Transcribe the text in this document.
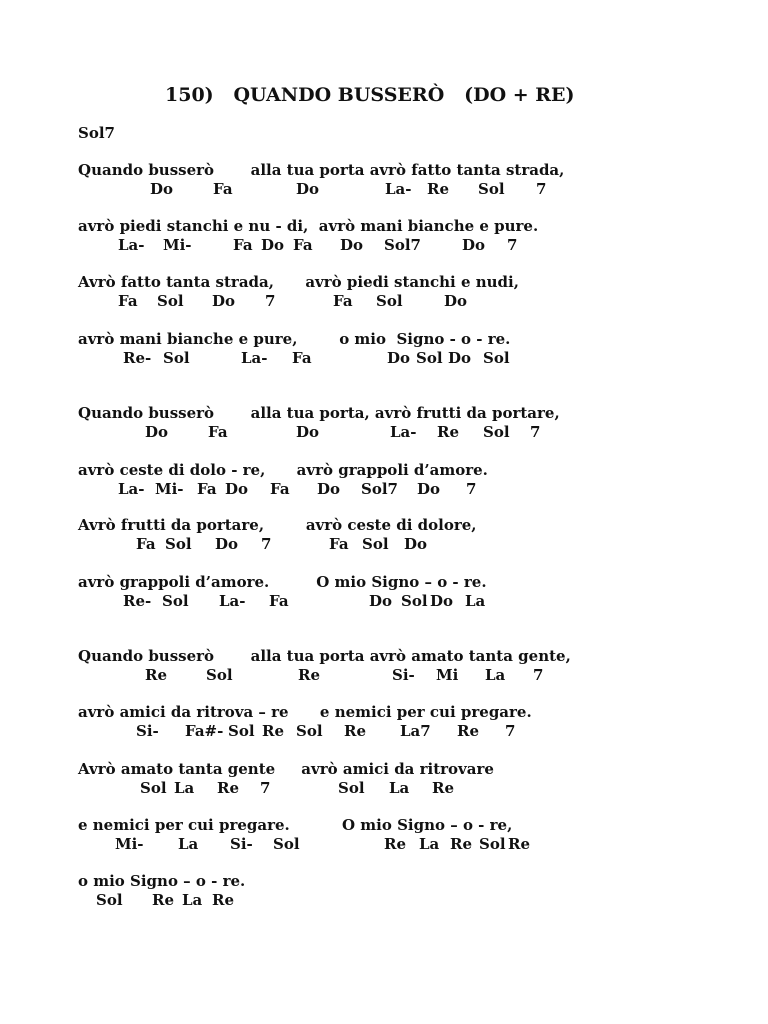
150)   QUANDO BUSSERÒ   (DO + RE)
Sol7
Quando busserò       alla tua porta avrò fatto tanta strada,
Do	Fa	Do	La- Re Sol 7
avrò piedi stanchi e nu - di,  avrò mani bianche e pure.
La- Mi-	Fa Do Fa Do Sol7	Do 7
Avrò fatto tanta strada,      avrò piedi stanchi e nudi,
Fa Sol Do 7	Fa Sol	Do
avrò mani bianche e pure,        o mio  Signo - o - re.
Re- Sol	La- Fa	Do Sol Do Sol
Quando busserò       alla tua porta, avrò frutti da portare,
Do	Fa	Do	La- Re Sol 7
avrò ceste di dolo - re,      avrò grappoli d’amore.
La- Mi- Fa Do Fa Do Sol7 Do 7
Avrò frutti da portare,        avrò ceste di dolore,
Fa Sol Do 7	Fa Sol Do
avrò grappoli d’amore.         O mio Signo – o - re.
Re- Sol La- Fa	Do Sol Do La
Quando busserò       alla tua porta avrò amato tanta gente,
Re	Sol	Re	Si- Mi La 7
avrò amici da ritrova – re      e nemici per cui pregare.
Si- Fa#- Sol Re Sol Re La7 Re 7
Avrò amato tanta gente     avrò amici da ritrovare
Sol La Re 7	Sol La Re
e nemici per cui pregare.          O mio Signo – o - re,
Mi- La Si- Sol	Re La Re Sol Re
o mio Signo – o - re.
Sol Re La Re
